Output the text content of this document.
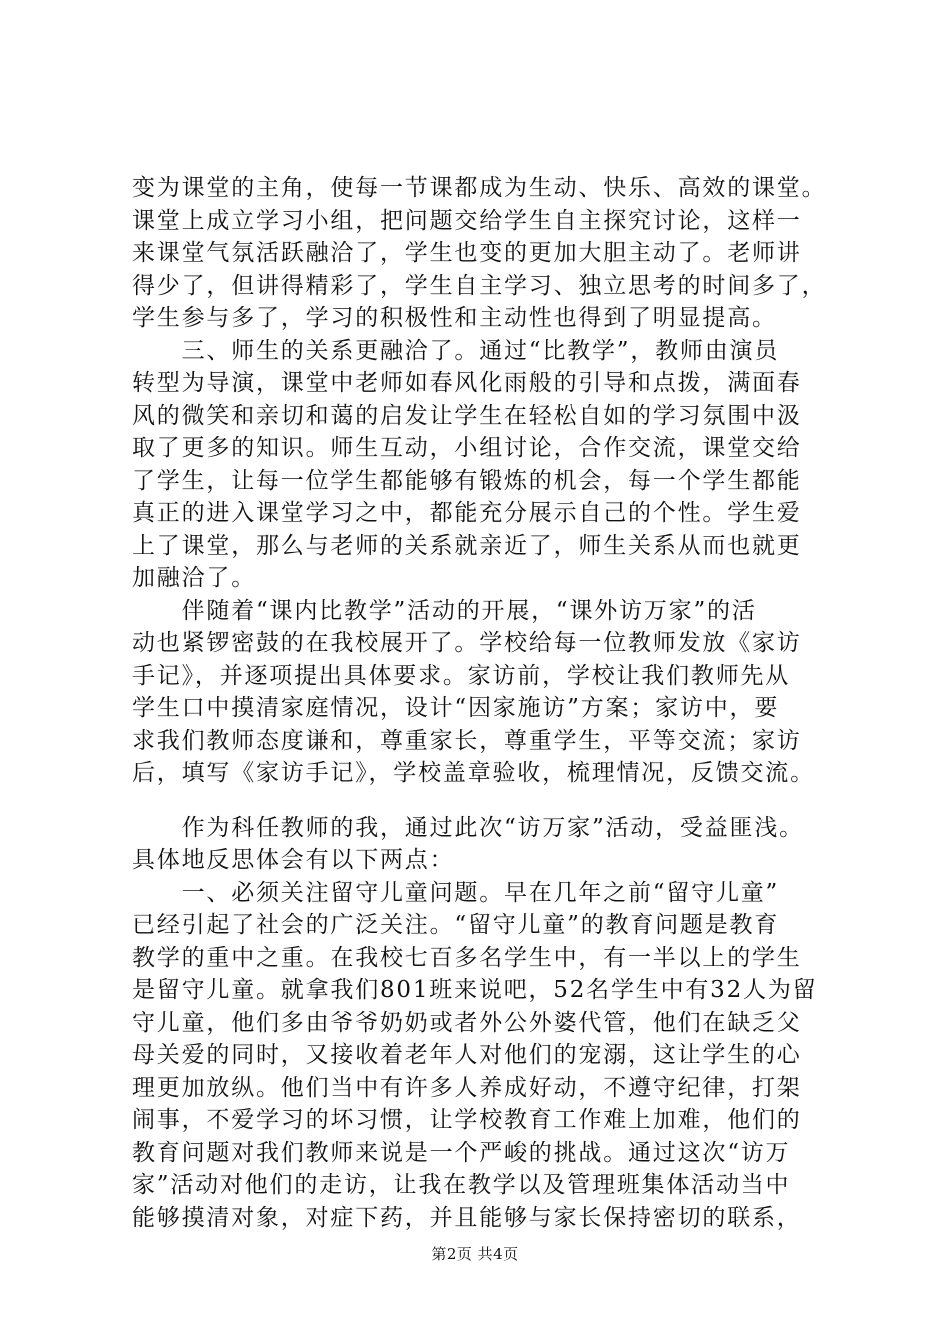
变为课堂的主角，使每一节课都成为生动、快乐、高效的课堂。
课堂上成立学习小组，把问题交给学生自主探究讨论，这样一
来课堂气氛活跃融洽了，学生也变的更加大胆主动了。老师讲
得少了，但讲得精彩了，学生自主学习、独立思考的时间多了，
学生参与多了，学习的积极性和主动性也得到了明显提高。
　　三、师生的关系更融洽了。通过“比教学”，教师由演员
转型为导演，课堂中老师如春风化雨般的引导和点拨，满面春
风的微笑和亲切和蔼的启发让学生在轻松自如的学习氛围中汲
取了更多的知识。师生互动，小组讨论，合作交流，课堂交给
了学生，让每一位学生都能够有锻炼的机会，每一个学生都能
真正的进入课堂学习之中，都能充分展示自己的个性。学生爱
上了课堂，那么与老师的关系就亲近了，师生关系从而也就更
加融洽了。
　　伴随着“课内比教学”活动的开展，“课外访万家”的活
动也紧锣密鼓的在我校展开了。学校给每一位教师发放《家访
手记》，并逐项提出具体要求。家访前，学校让我们教师先从
学生口中摸清家庭情况，设计“因家施访”方案；家访中，要
求我们教师态度谦和，尊重家长，尊重学生，平等交流；家访
后，填写《家访手记》，学校盖章验收，梳理情况，反馈交流。
　　作为科任教师的我，通过此次“访万家”活动，受益匪浅。
具体地反思体会有以下两点：
　　一、必须关注留守儿童问题。早在几年之前“留守儿童”
已经引起了社会的广泛关注。“留守儿童”的教育问题是教育
教学的重中之重。在我校七百多名学生中，有一半以上的学生
是留守儿童。就拿我们801班来说吧，52名学生中有32人为留
守儿童，他们多由爷爷奶奶或者外公外婆代管，他们在缺乏父
母关爱的同时，又接收着老年人对他们的宠溺，这让学生的心
理更加放纵。他们当中有许多人养成好动，不遵守纪律，打架
闹事，不爱学习的坏习惯，让学校教育工作难上加难，他们的
教育问题对我们教师来说是一个严峻的挑战。通过这次“访万
家”活动对他们的走访，让我在教学以及管理班集体活动当中
能够摸清对象，对症下药，并且能够与家长保持密切的联系，
第2页 共4页
